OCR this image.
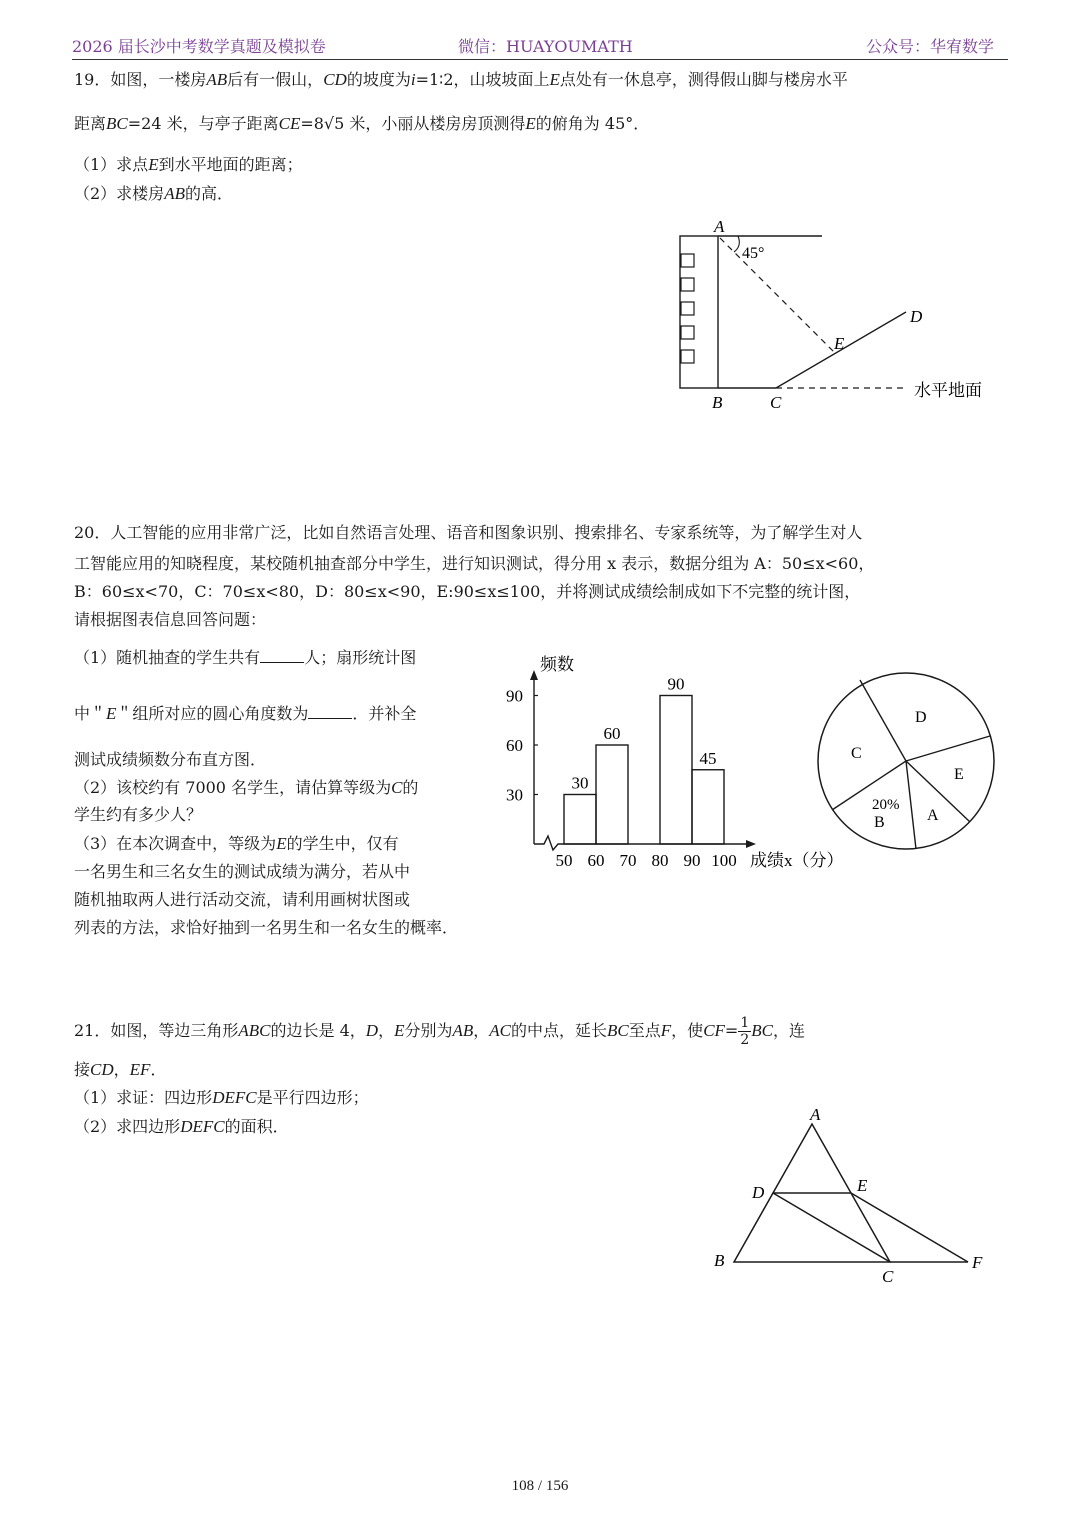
2026 届长沙中考数学真题及模拟卷	微信：HUAYOUMATH	公众号：华宥数学
19．如图，一楼房AB后有一假山，CD的坡度为i=1∶2，山坡坡面上E点处有一休息亭，测得假山脚与楼房水平
距离BC=24 米，与亭子距离CE=8√5 米，小丽从楼房房顶测得E的俯角为 45°．
（1）求点E到水平地面的距离；
（2）求楼房AB的高．
A
B	C
D
E
45°
水平地面
20．人工智能的应用非常广泛，比如自然语言处理、语音和图象识别、搜索排名、专家系统等，为了解学生对人
工智能应用的知晓程度，某校随机抽查部分中学生，进行知识测试，得分用 x 表示，数据分组为 A：50≤x<60，
B：60≤x<70，C：70≤x<80，D：80≤x<90，E:90≤x≤100，并将测试成绩绘制成如下不完整的统计图，
请根据图表信息回答问题：
（1）随机抽查的学生共有	人；扇形统计图
中＂E＂组所对应的圆心角度数为	．并补全
测试成绩频数分布直方图．
（2）该校约有 7000 名学生，请估算等级为C的
学生约有多少人？
（3）在本次调查中，等级为E的学生中，仅有
一名男生和三名女生的测试成绩为满分，若从中
随机抽取两人进行活动交流，请利用画树状图或
列表的方法，求恰好抽到一名男生和一名女生的概率．
30
60
90
30
60
90
45
50 60 70 80 90 100
频数
成绩x（分）
D
C
E
A
20%
B
21．如图，等边三角形ABC的边长是 4，D，E分别为AB，AC的中点，延长BC至点F，使$CF= \frac{1}{2}$ BC，连
接CD，EF．
（1）求证：四边形DEFC是平行四边形；
（2）求四边形DEFC的面积．
A
B
C
D	E
F
108 / 156
